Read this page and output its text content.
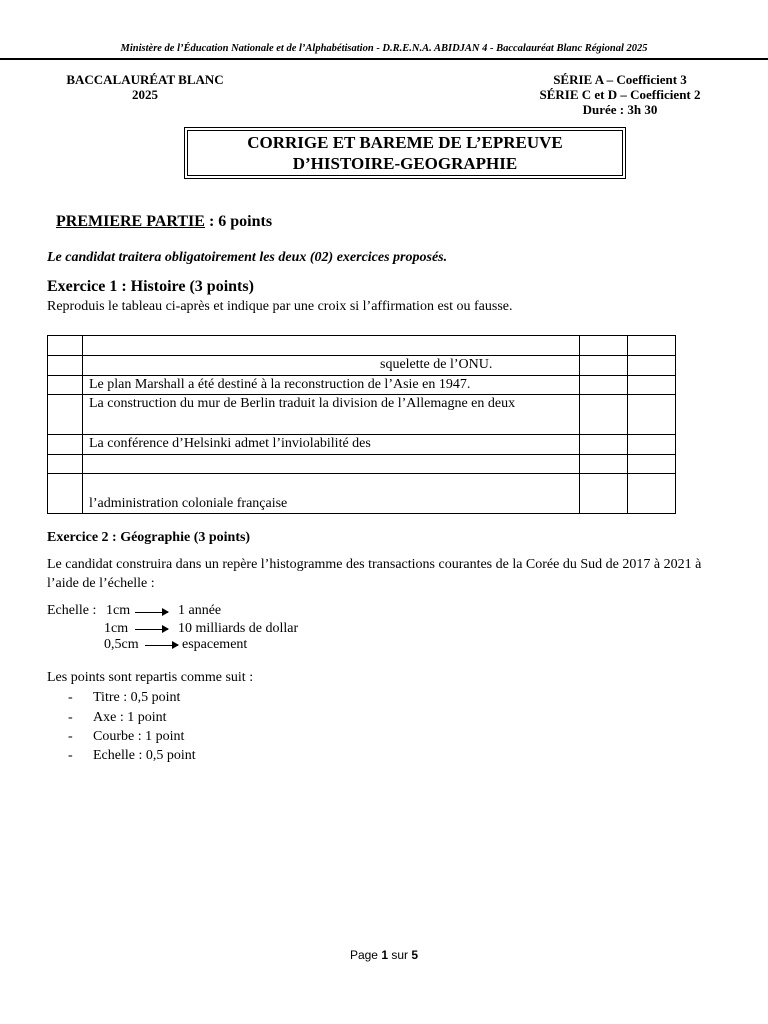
Ministère de l’Éducation Nationale et de l’Alphabétisation - D.R.E.N.A. ABIDJAN 4 - Baccalauréat Blanc Régional 2025
BACCALAURÉAT BLANC
2025
SÉRIE A – Coefficient 3
SÉRIE C et D – Coefficient 2
Durée : 3h 30
CORRIGE ET BAREME DE L’EPREUVE
D’HISTOIRE-GEOGRAPHIE
PREMIERE PARTIE : 6 points
Le candidat traitera obligatoirement les deux (02) exercices proposés.
Exercice 1 : Histoire (3 points)
Reproduis le tableau ci-après et indique par une croix si l’affirmation est ou fausse.

	squelette de l’ONU.		
	Le plan Marshall a été destiné à la reconstruction de l’Asie en 1947.		
	La construction du mur de Berlin traduit la division de l’Allemagne en deux		
	La conférence d’Helsinki admet l’inviolabilité des		

	l’administration coloniale française		
Exercice 2 : Géographie (3 points)
Le candidat construira dans un repère l’histogramme des transactions courantes de la Corée du Sud de 2017 à 2021 à l’aide de l’échelle :
Echelle : 1cm	1 année
1cm	10 milliards de dollar
0,5cm	espacement
Les points sont repartis comme suit :
- Titre : 0,5 point
- Axe : 1 point
- Courbe : 1 point
- Echelle : 0,5 point
Page 1 sur 5
